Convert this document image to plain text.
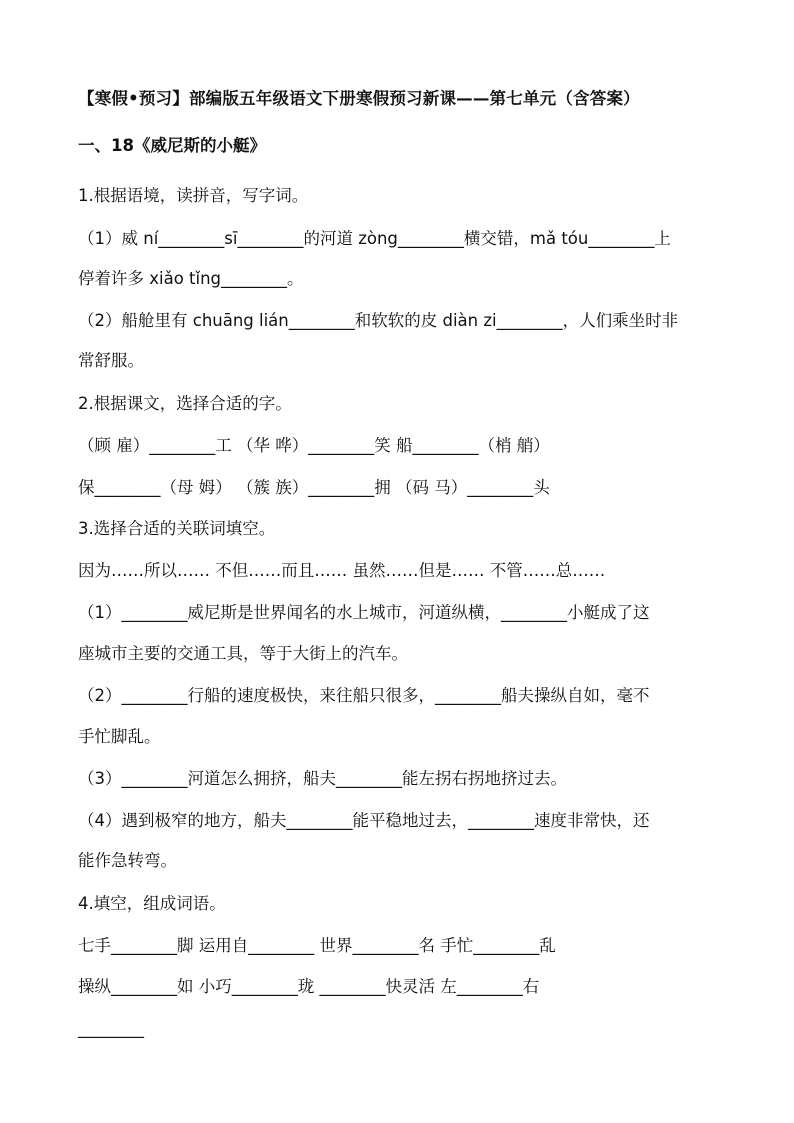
【寒假•预习】部编版五年级语文下册寒假预习新课——第七单元（含答案）
一、18《威尼斯的小艇》
1.根据语境，读拼音，写字词。
（1）威 ní________sī________的河道 zòng________横交错，mǎ tóu________上
停着许多 xiǎo tǐng________。
（2）船舱里有 chuāng lián________和软软的皮 diàn zi________，人们乘坐时非
常舒服。
2.根据课文，选择合适的字。
（顾 雇）________工 （华 哗）________笑 船________（梢 艄）
保________（母 姆） （簇 族）________拥 （码 马）________头
3.选择合适的关联词填空。
因为……所以…… 不但……而且…… 虽然……但是…… 不管……总……
（1）________威尼斯是世界闻名的水上城市，河道纵横，________小艇成了这
座城市主要的交通工具，等于大街上的汽车。
（2）________行船的速度极快，来往船只很多，________船夫操纵自如，毫不
手忙脚乱。
（3）________河道怎么拥挤，船夫________能左拐右拐地挤过去。
（4）遇到极窄的地方，船夫________能平稳地过去，________速度非常快，还
能作急转弯。
4.填空，组成词语。
七手________脚 运用自________ 世界________名 手忙________乱
操纵________如 小巧________珑 ________快灵活 左________右
________
